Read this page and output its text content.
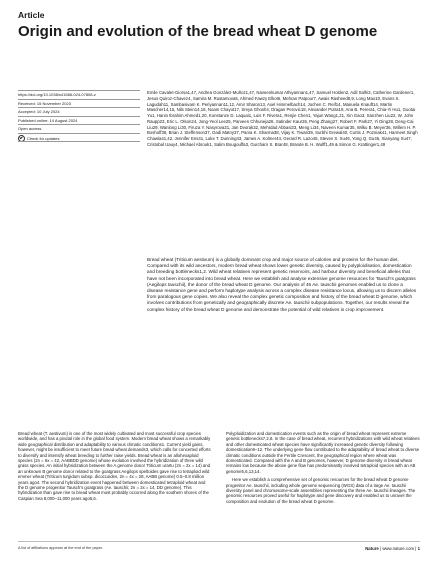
Article
Origin and evolution of the bread wheat D genome
https://doi.org/10.1038/s41586-024-07808-z
Received: 15 November 2023
Accepted: 10 July 2024
Published online: 14 August 2024
Open access
Check for updates
Emile Cavalet-Giorsa1,47, Andrea González-Muñoz1,47, Naveenkumar Athiyannan1,47, Samuel Holden2, Adil Salhi3, Catherine Gardener1, Jesus Quiroz-Chavez4, Samira M. Rustamova5, Ahmed Fawzy Elkot6, Mehran Patpour7, Awais Rasheed8,9, Long Mao10, Evans S. Lagudah11, Sambasivam K. Periyannan11,12, Amir Sharon13, Axel Himmelbach14, Jochen C. Reif14, Manuela Knauft14, Martin Mascher14,15, Nils Stein14,16, Noam Chayut17, Sreya Ghosh4, Dragan Perovic18, Alexander Putra19, Ana B. Perera1, Chia-Yi Hu1, Guotai Yu1, Hanin Ibrahim Ahmed1,20, Konstanze D. Laquai1, Luis F. Rivera1, Renjie Chen1, Yajun Wang1,21, Xin Gao3, Sanzhen Liu22, W. John Raupp23, Eric L. Olson24, Jong-Yeol Lee25, Parveen Chhuneja26, Satinder Kaur26, Peng Zhang27, Robert F. Park27, Yi Ding28, Deng-Cai Liu29, Wanlong Li30, Firuza Y. Nasyrova31, Jan Dvorak32, Mehrdad Abbasi33, Meng Li34, Naveen Kumar35, Wilku B. Meyer36, Willem H. P. Boshoff36, Brian J. Steffenson37, Oadi Matny37, Parva K. Sharma38, Vijay K. Tiwari39, Surbhi Grewal40, Curtis J. Pozniak41, Harmeet Singh Chawla41,42, Jennifer Ens41, Luke T. Dunning43, James A. Kolmer44, Gerard R. Lazo45, Steven S. Xu46, Yong Q. Gu45, Xianyang Xu47, Cristobal Uauy4, Michael Abrouk1, Salim Bougouffa3, Gurcharn S. Brar48, Brande B. H. Wulff1,49 & Simon G. Krattinger1,49
Bread wheat (Triticum aestivum) is a globally dominant crop and major source of calories and proteins for the human diet. Compared with its wild ancestors, modern bread wheat shows lower genetic diversity, caused by polyploidisation, domestication and breeding bottlenecks1,2. Wild wheat relatives represent genetic reservoirs, and harbour diversity and beneficial alleles that have not been incorporated into bread wheat. Here we establish and analyse extensive genome resources for Tausch's goatgrass (Aegilops tauschii), the donor of the bread wheat D genome. Our analysis of 46 Ae. tauschii genomes enabled us to clone a disease resistance gene and perform haplotype analysis across a complex disease resistance locus, allowing us to discern alleles from paralogous gene copies. We also reveal the complex genetic composition and history of the bread wheat D genome, which involves contributions from genetically and geographically discrete Ae. tauschii subpopulations. Together, our results reveal the complex history of the bread wheat D genome and demonstrate the potential of wild relatives in crop improvement.

Bread wheat (T. aestivum) is one of the most widely cultivated and most successful crop species worldwide, and has a pivotal role in the global food system. Modern bread wheat shows a remarkably wide geographical distribution and adaptability to various climatic conditions1. Current yield gains, however, might be insufficient to meet future bread wheat demands3, which calls for concerted efforts to diversify and intensify wheat breeding to further raise yields. Bread wheat is an allohexaploid species (2n = 6x = 42, AABBDD genome) whose evolution involved the hybridization of three wild grass species. An initial hybridization between the A genome donor Triticum urartu (2n = 2x = 14) and an unknown B genome donor related to the goatgrass Aegilops speltoides gave rise to tetraploid wild emmer wheat (Triticum turgidum subsp. dicoccoides, 2n = 4x = 28, AABB genome) 0.5–0.8 million years ago4. The second hybridization event happened between domesticated tetraploid wheat and the D genome progenitor Tausch's goatgrass (Ae. tauschii; 2n = 2x = 14, DD genome). This hybridization than gave rise to bread wheat most probably occurred along the southern shores of the Caspian Sea 8,000–11,000 years ago5,6.

Polyploidization and domestication events such as the origin of bread wheat represent extreme genetic bottlenecks7,2,8. In the case of bread wheat, recurrent hybridizations with wild wheat relatives and other domesticated wheat species have significantly increased genetic diversity following domestication9–12. The underlying gene flow contributed to the adaptability of bread wheat to diverse climatic conditions outside the Fertile Crescent, the geographical region where wheat was domesticated. Compared with the A and B genomes, however, D genome diversity in bread wheat remains low because the above gene flow has predominantly involved tetraploid species with an AB genome5,6,13,14.

Here we establish a comprehensive set of genomic resources for the bread wheat D genome progenitor Ae. tauschii, including whole genome sequencing (WGS) data of a large Ae. tauschii diversity panel and chromosome-scale assemblies representing the three Ae. tauschii lineages. The genomic resources proved useful for haplotype and gene discovery and enabled us to unravel the composition and evolution of the bread wheat D genome.

A list of affiliations appears at the end of the paper.	Nature | www.nature.com | 1
